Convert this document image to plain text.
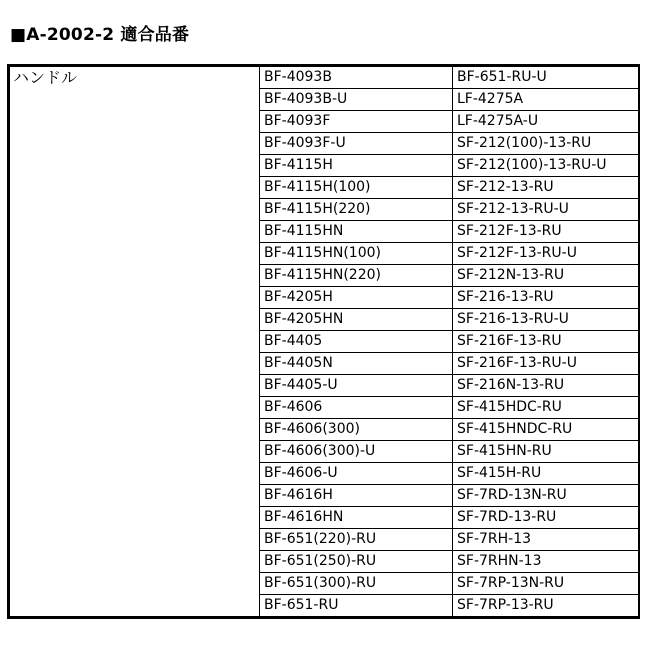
■A-2002-2 適合品番
ハンドル	BF-4093B	BF-651-RU-U
	BF-4093B-U	LF-4275A
	BF-4093F	LF-4275A-U
	BF-4093F-U	SF-212(100)-13-RU
	BF-4115H	SF-212(100)-13-RU-U
	BF-4115H(100)	SF-212-13-RU
	BF-4115H(220)	SF-212-13-RU-U
	BF-4115HN	SF-212F-13-RU
	BF-4115HN(100)	SF-212F-13-RU-U
	BF-4115HN(220)	SF-212N-13-RU
	BF-4205H	SF-216-13-RU
	BF-4205HN	SF-216-13-RU-U
	BF-4405	SF-216F-13-RU
	BF-4405N	SF-216F-13-RU-U
	BF-4405-U	SF-216N-13-RU
	BF-4606	SF-415HDC-RU
	BF-4606(300)	SF-415HNDC-RU
	BF-4606(300)-U	SF-415HN-RU
	BF-4606-U	SF-415H-RU
	BF-4616H	SF-7RD-13N-RU
	BF-4616HN	SF-7RD-13-RU
	BF-651(220)-RU	SF-7RH-13
	BF-651(250)-RU	SF-7RHN-13
	BF-651(300)-RU	SF-7RP-13N-RU
	BF-651-RU	SF-7RP-13-RU
